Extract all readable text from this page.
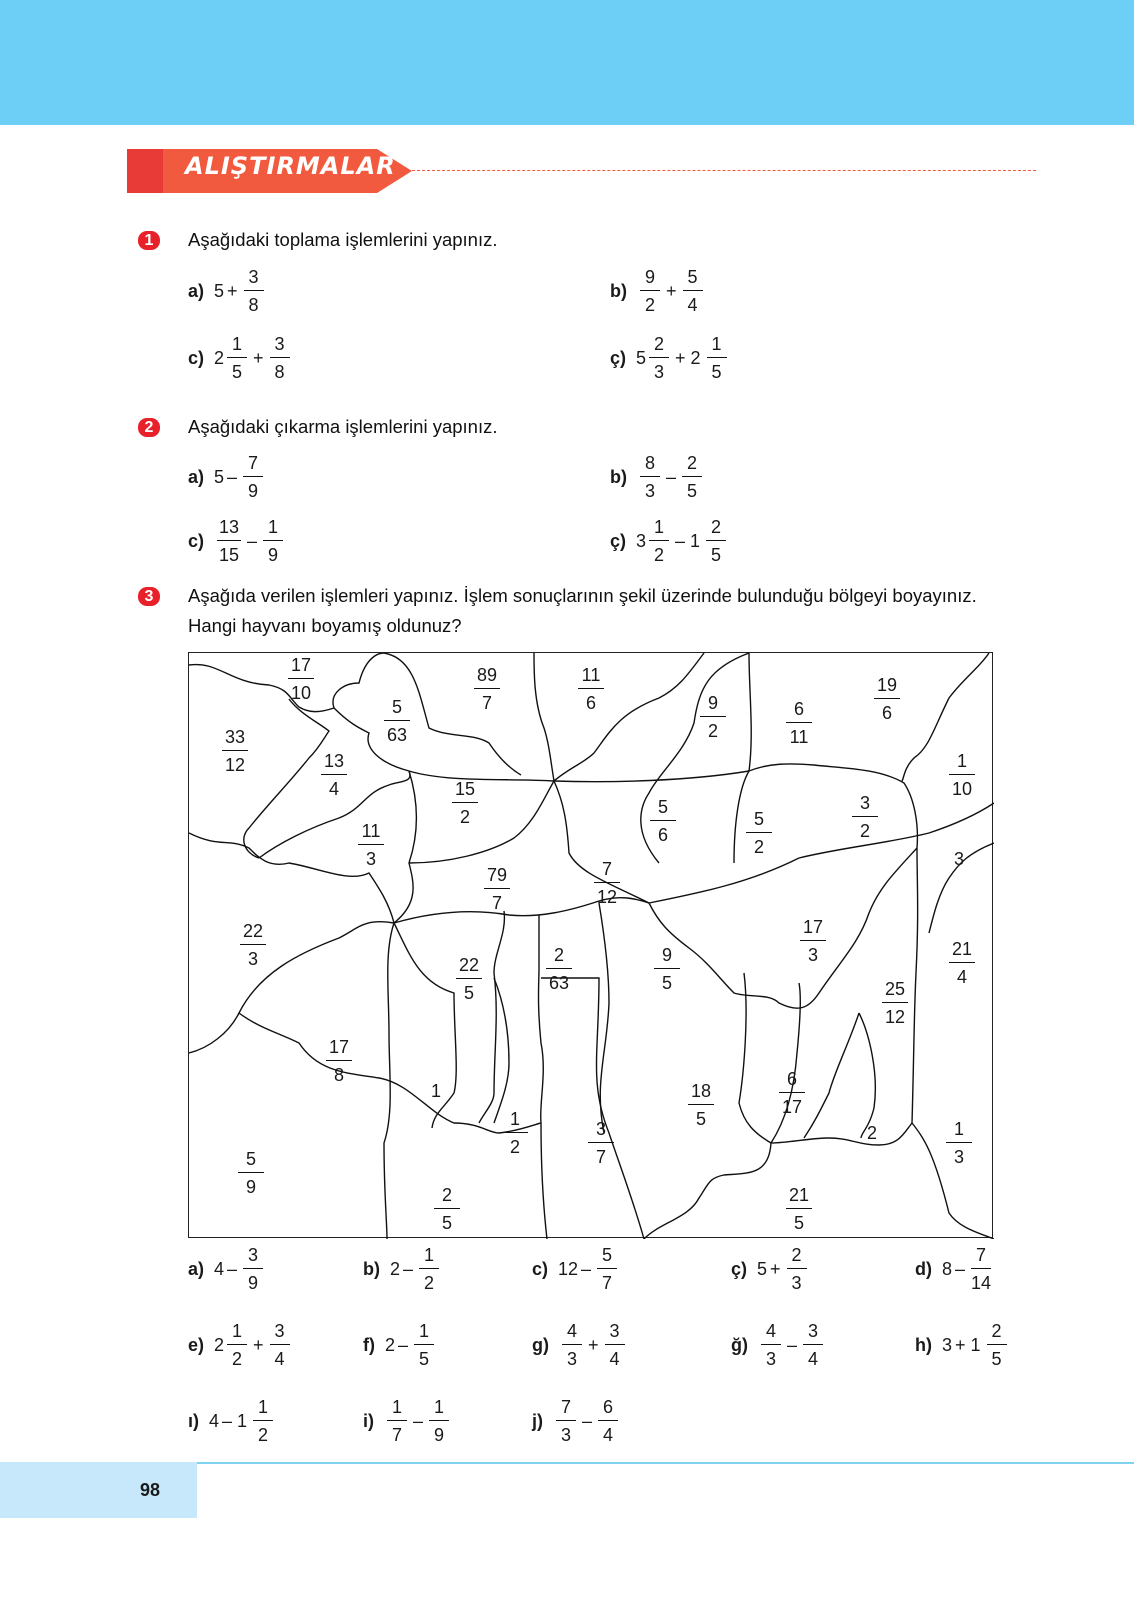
ALIŞTIRMALAR
1	Aşağıdaki toplama işlemlerini yapınız.
a) $5 + \frac{3}{8}$	$b) \frac{9}{2} + \frac{5}{4}$
c) $2 \frac{1}{5} + \frac{3}{8}$	ç) $5 \frac{2}{3} + 2 \frac{1}{5}$
2	Aşağıdaki çıkarma işlemlerini yapınız.
a) $5 - \frac{7}{9}$	$b) \frac{8}{3} - \frac{2}{5}$
$c) \frac{13}{15} - \frac{1}{9}$	ç) $3 \frac{1}{2} - 1 \frac{2}{5}$
3	Aşağıda verilen işlemleri yapınız. İşlem sonuçlarının şekil üzerinde bulunduğu bölgeyi boyayınız.
Hangi hayvanı boyamış oldunuz?
17
10
89
7
11
6	9
2
6
11
19
6
33
12
5
63
13
4
1
10
15
2
11
3
5
6
5
2
3
2
3
79
7
7
12
22
3
17
3
22
5
2
63
9
5
21
4
25
12
17
8
1	18
5
6
17
1
2
3
7
2
5
9
1
3
2
5
21
5
a) $4 - \frac{3}{9}$	b) $2 - \frac{1}{2}$	c) $12 - \frac{5}{7}$	ç) $5 + \frac{2}{3}$	d) $8 - \frac{7}{14}$
e) $2 \frac{1}{2} + \frac{3}{4}$	f) $2 - \frac{1}{5}$	$g) \frac{4}{3} + \frac{3}{4}$	ğ) $\frac{4}{3} - \frac{3}{4}$	h) $3 + 1 \frac{2}{5}$
ı) $4 - 1 \frac{1}{2}$	$i) \frac{1}{7} - \frac{1}{9}$	$j) \frac{7}{3} - \frac{6}{4}$
98
